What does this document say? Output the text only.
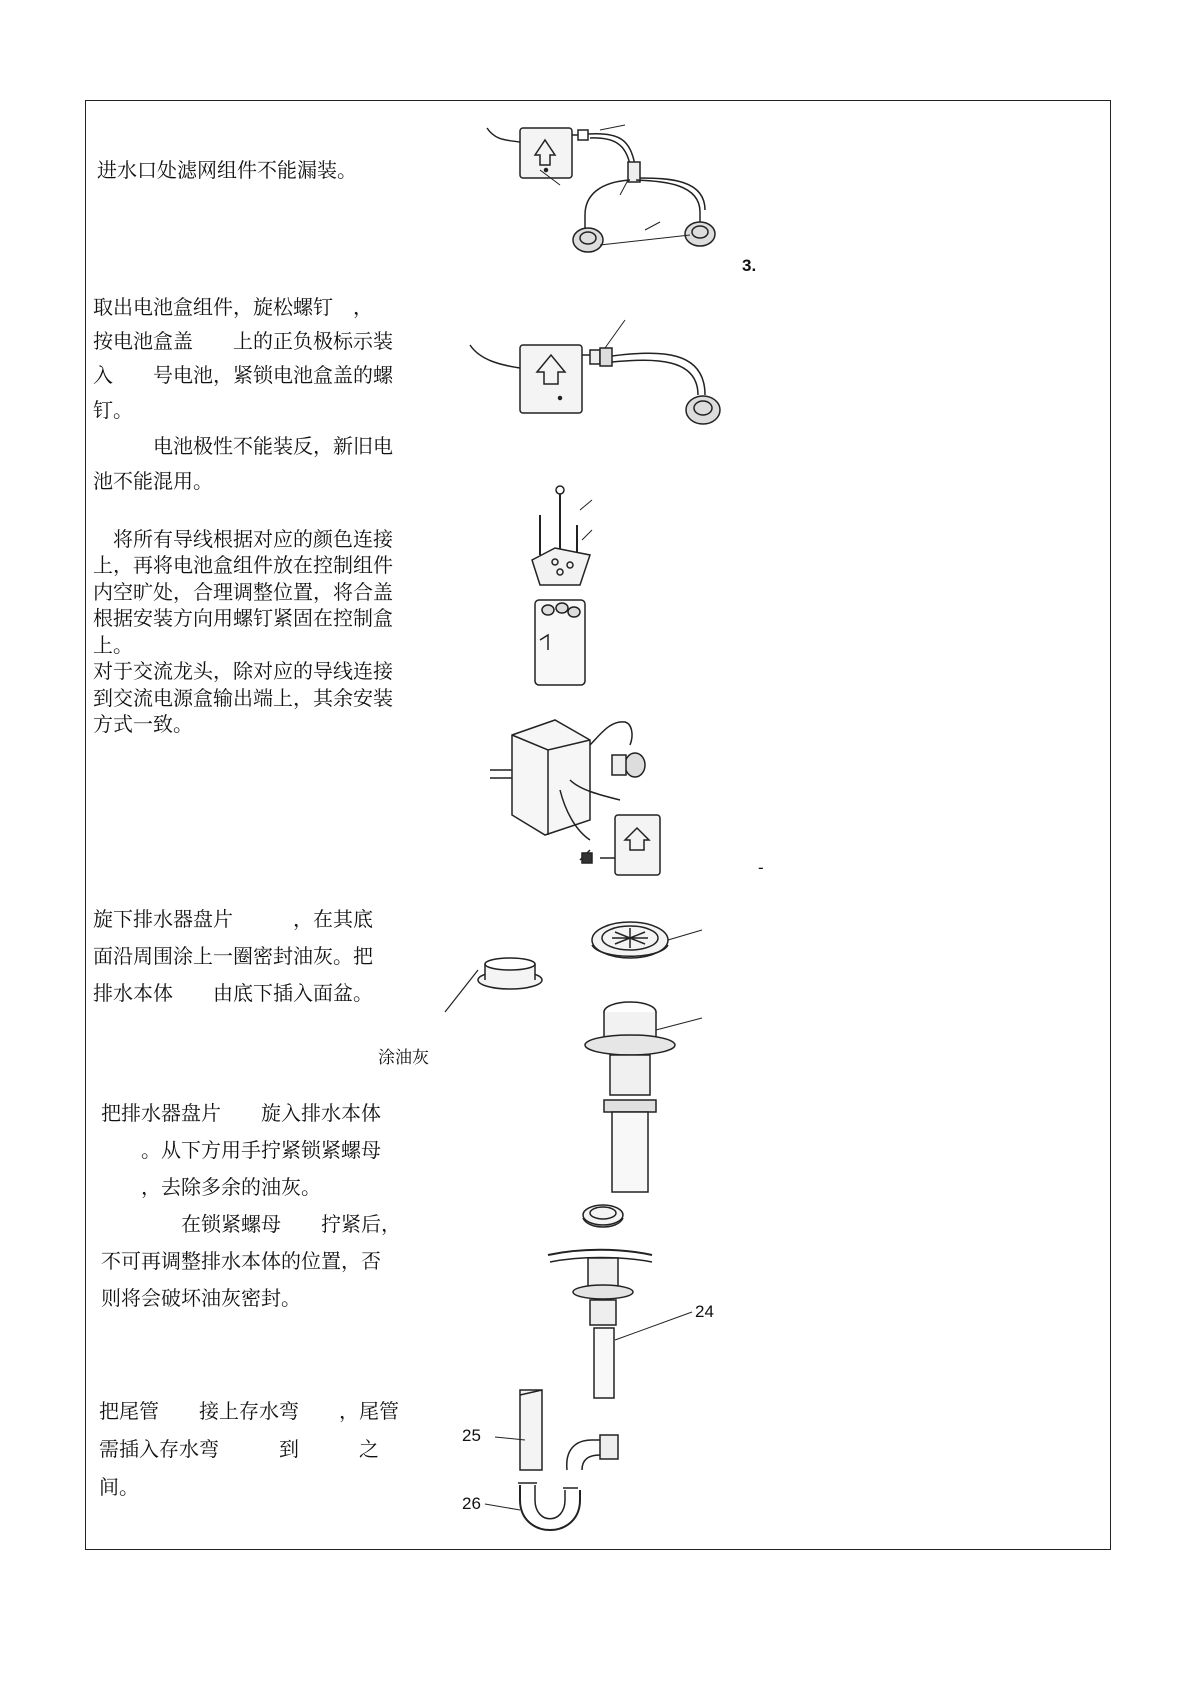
进水口处滤网组件不能漏装。
取出电池盒组件，旋松螺钉　，
按电池盒盖　　上的正负极标示装
入　　号电池，紧锁电池盒盖的螺
钉。
　　　电池极性不能装反，新旧电
池不能混用。
　将所有导线根据对应的颜色连接
上，再将电池盒组件放在控制组件
内空旷处，合理调整位置，将合盖
根据安装方向用螺钉紧固在控制盒
上。
对于交流龙头，除对应的导线连接
到交流电源盒输出端上，其余安装
方式一致。
旋下排水器盘片　　　，在其底
面沿周围涂上一圈密封油灰。把
排水本体　　由底下插入面盆。
涂油灰
把排水器盘片　　旋入排水本体
　　。从下方用手拧紧锁紧螺母
　　，去除多余的油灰。
　　　　在锁紧螺母　　拧紧后，
不可再调整排水本体的位置，否
则将会破坏油灰密封。
把尾管　　接上存水弯　　，尾管
需插入存水弯　　　到　　　之
间。
3.
-
24
25
26
